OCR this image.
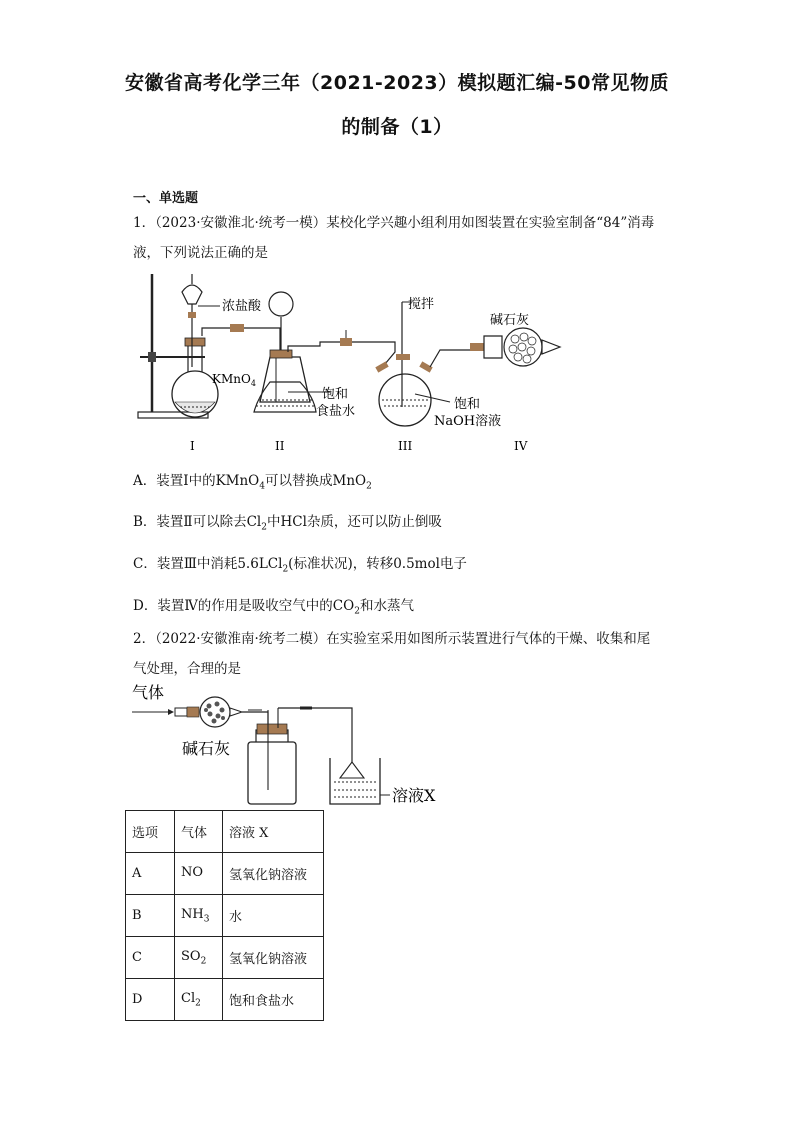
安徽省高考化学三年（2021-2023）模拟题汇编-50常见物质
的制备（1）
一、单选题
1．（2023·安徽淮北·统考一模）某校化学兴趣小组利用如图装置在实验室制备“84”消毒
液，下列说法正确的是
浓盐酸
KMnO$_4$
饱和
食盐水
搅拌
饱和
NaOH溶液
碱石灰
I	II	III	IV
A．装置Ⅰ中的KMnO$_4$可以替换成MnO$_2$
B．装置Ⅱ可以除去$Cl_2$中HCl杂质，还可以防止倒吸
C．装置Ⅲ中消耗5.6LCl$_2$(标准状况)，转移0.5mol电子
D．装置Ⅳ的作用是吸收空气中的$CO_2$和水蒸气
2．（2022·安徽淮南·统考二模）在实验室采用如图所示装置进行气体的干燥、收集和尾
气处理，合理的是
气体
碱石灰
溶液X
选项	气体	溶液 X
A	NO	氢氧化钠溶液
B	$NH_3$	水
C	$SO_2$	氢氧化钠溶液
D	$Cl_2$	饱和食盐水
